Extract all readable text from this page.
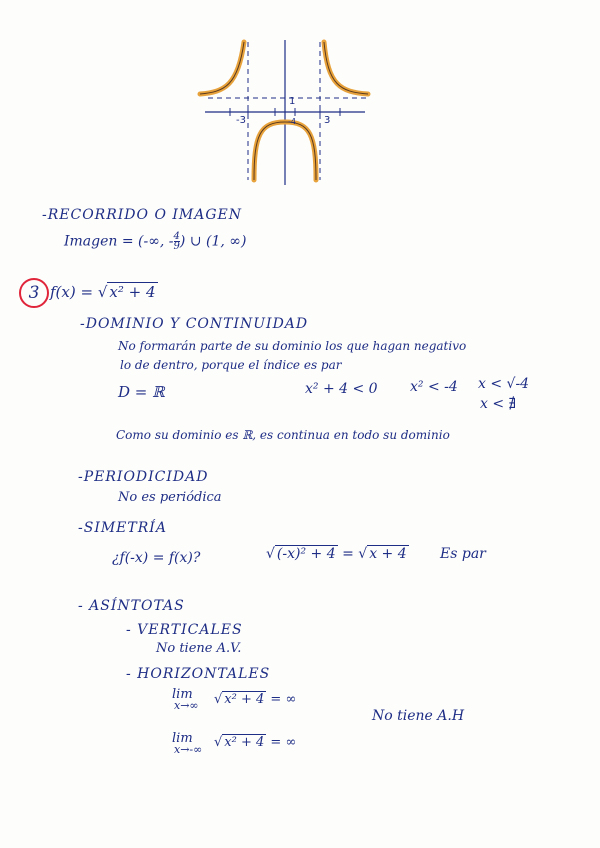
-3	3
1
-4
-RECORRIDO O IMAGEN
Imagen = (-∞, - $\frac{4}{9}$ ) ∪ (1, ∞)
3 f(x) = √ x² + 4
-DOMINIO Y CONTINUIDAD
No formarán parte de su dominio los que hagan negativo
lo de dentro, porque el índice es par
D = ℝ	x² + 4 < 0 x² < -4 x < √-4
x < ∄
Como su dominio es ℝ, es continua en todo su dominio
-PERIODICIDAD
No es periódica
-SIMETRÍA
¿f(-x) = f(x)?	√ (-x)² + 4 = √ x + 4 Es par
- ASÍNTOTAS
- VERTICALES
No tiene A.V.
- HORIZONTALES
lim
x→∞ √ x² + 4 = ∞
No tiene A.H
lim
x→-∞ √ x² + 4 = ∞
